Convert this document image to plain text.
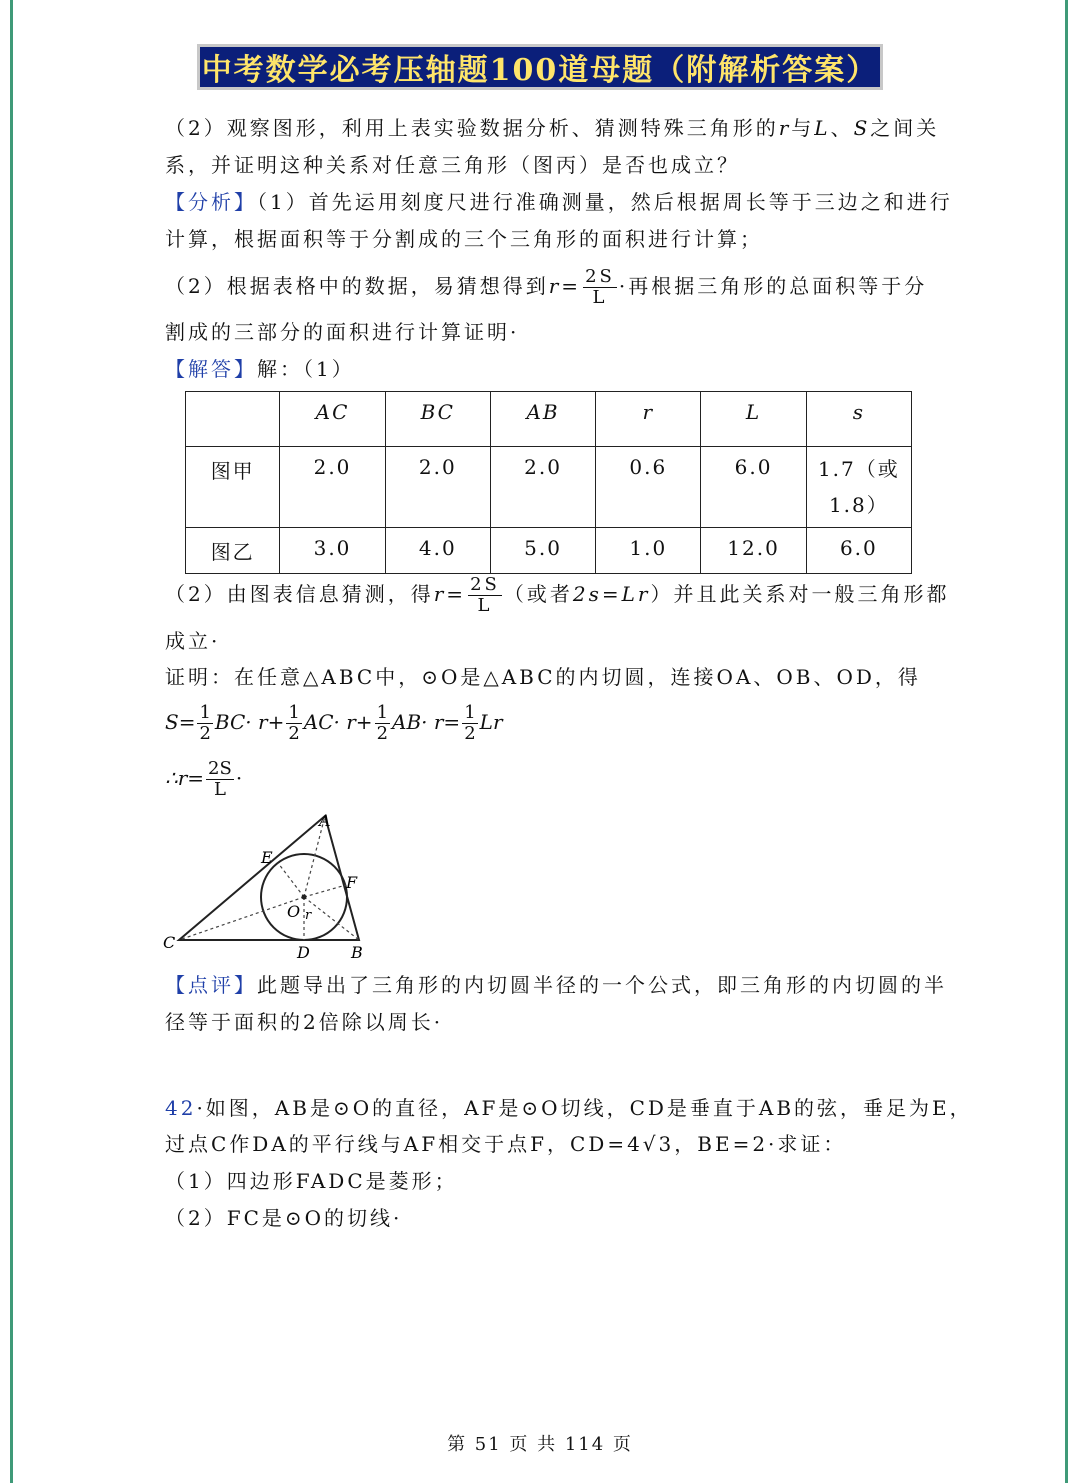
中考数学必考压轴题100道母题（附解析答案）
（2）观察图形，利用上表实验数据分析、猜测特殊三角形的r与L、S之间关
系，并证明这种关系对任意三角形（图丙）是否也成立？
【分析】（1）首先运用刻度尺进行准确测量，然后根据周长等于三边之和进行
计算，根据面积等于分割成的三个三角形的面积进行计算；
（2）根据表格中的数据，易猜想得到$r= \frac{2S}{L}$ ·再根据三角形的总面积等于分
割成的三部分的面积进行计算证明·
【解答】解：（1）
	AC	BC	AB	r	L	s
图甲	2.0	2.0	2.0	0.6	6.0	1.7（或1.8）
图乙	3.0	4.0	5.0	1.0	12.0	6.0
（2）由图表信息猜测，得$r= \frac{2S}{L}$ （或者2s=Lr）并且此关系对一般三角形都
成立·
证明：在任意△ABC中，⊙O是△ABC的内切圆，连接OA、OB、OD，得
$S= \frac{1}{2} BC\cdot r+ \frac{1}{2} AC\cdot r+ \frac{1}{2} AB\cdot r= \frac{1}{2}$ Lr
∴r= $\frac{2S}{L}$ ·
A
B
C
D
E
F
O r
【点评】此题导出了三角形的内切圆半径的一个公式，即三角形的内切圆的半
径等于面积的2倍除以周长·
42·如图，AB是⊙O的直径，AF是⊙O切线，CD是垂直于AB的弦，垂足为E，
过点C作DA的平行线与AF相交于点F，CD=4√3，BE=2·求证：
（1）四边形FADC是菱形；
（2）FC是⊙O的切线·
第 51 页 共 114 页
